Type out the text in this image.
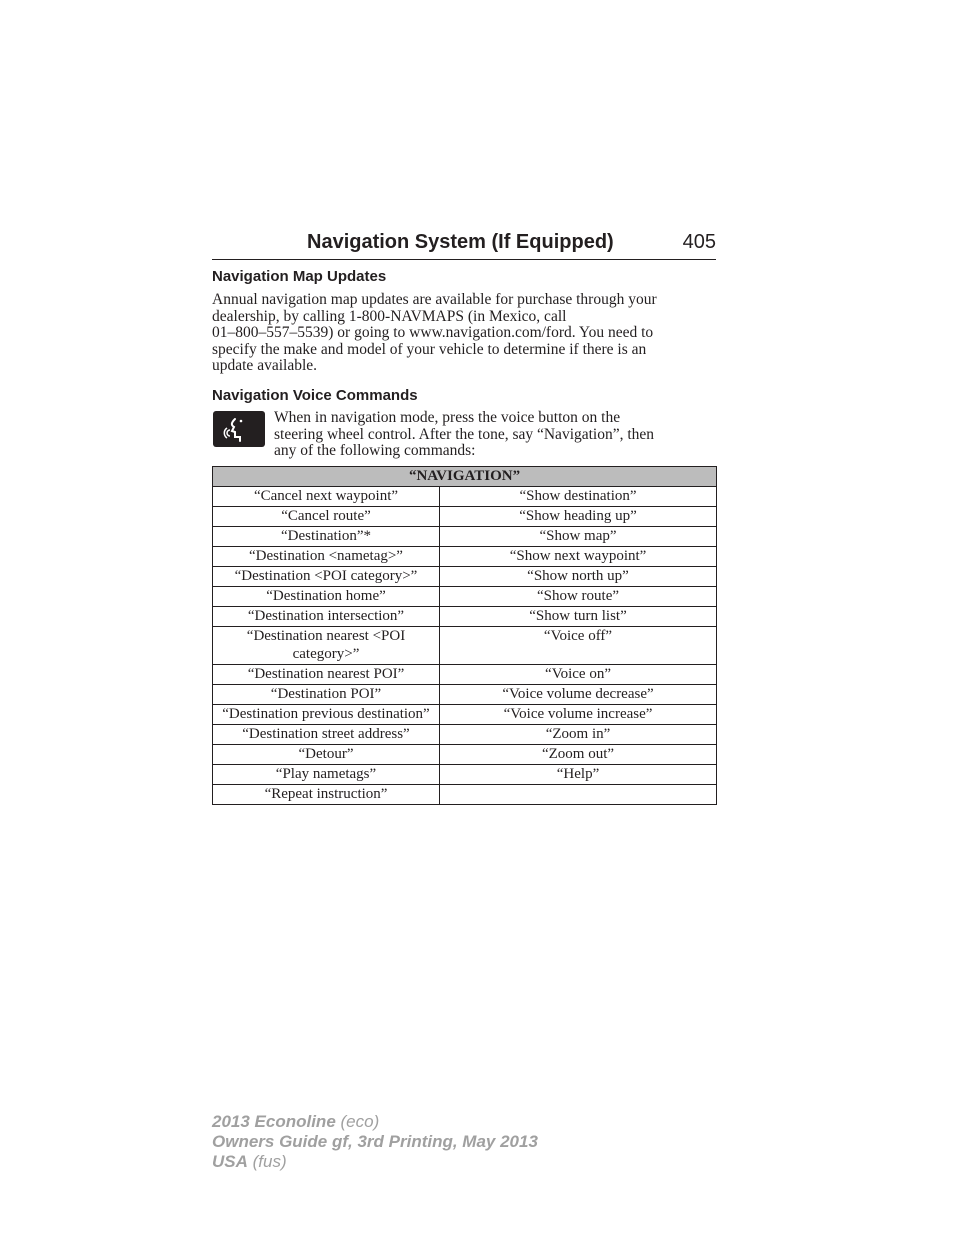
Navigation System (If Equipped)	405
Navigation Map Updates
Annual navigation map updates are available for purchase through your
dealership, by calling 1-800-NAVMAPS (in Mexico, call
01–800–557–5539) or going to www.navigation.com/ford. You need to
specify the make and model of your vehicle to determine if there is an
update available.
Navigation Voice Commands
When in navigation mode, press the voice button on the
steering wheel control. After the tone, say “Navigation”, then
any of the following commands:
“NAVIGATION”	
“Cancel next waypoint”	“Show destination”
“Cancel route”	“Show heading up”
“Destination”*	“Show map”
“Destination <nametag>”	“Show next waypoint”
“Destination <POI category>”	“Show north up”
“Destination home”	“Show route”
“Destination intersection”	“Show turn list”
“Destination nearest <POI category>”	“Voice off”
“Destination nearest POI”	“Voice on”
“Destination POI”	“Voice volume decrease”
“Destination previous destination”	“Voice volume increase”
“Destination street address”	“Zoom in”
“Detour”	“Zoom out”
“Play nametags”	“Help”
“Repeat instruction”	
2013 Econoline (eco)
Owners Guide gf, 3rd Printing, May 2013
USA (fus)
